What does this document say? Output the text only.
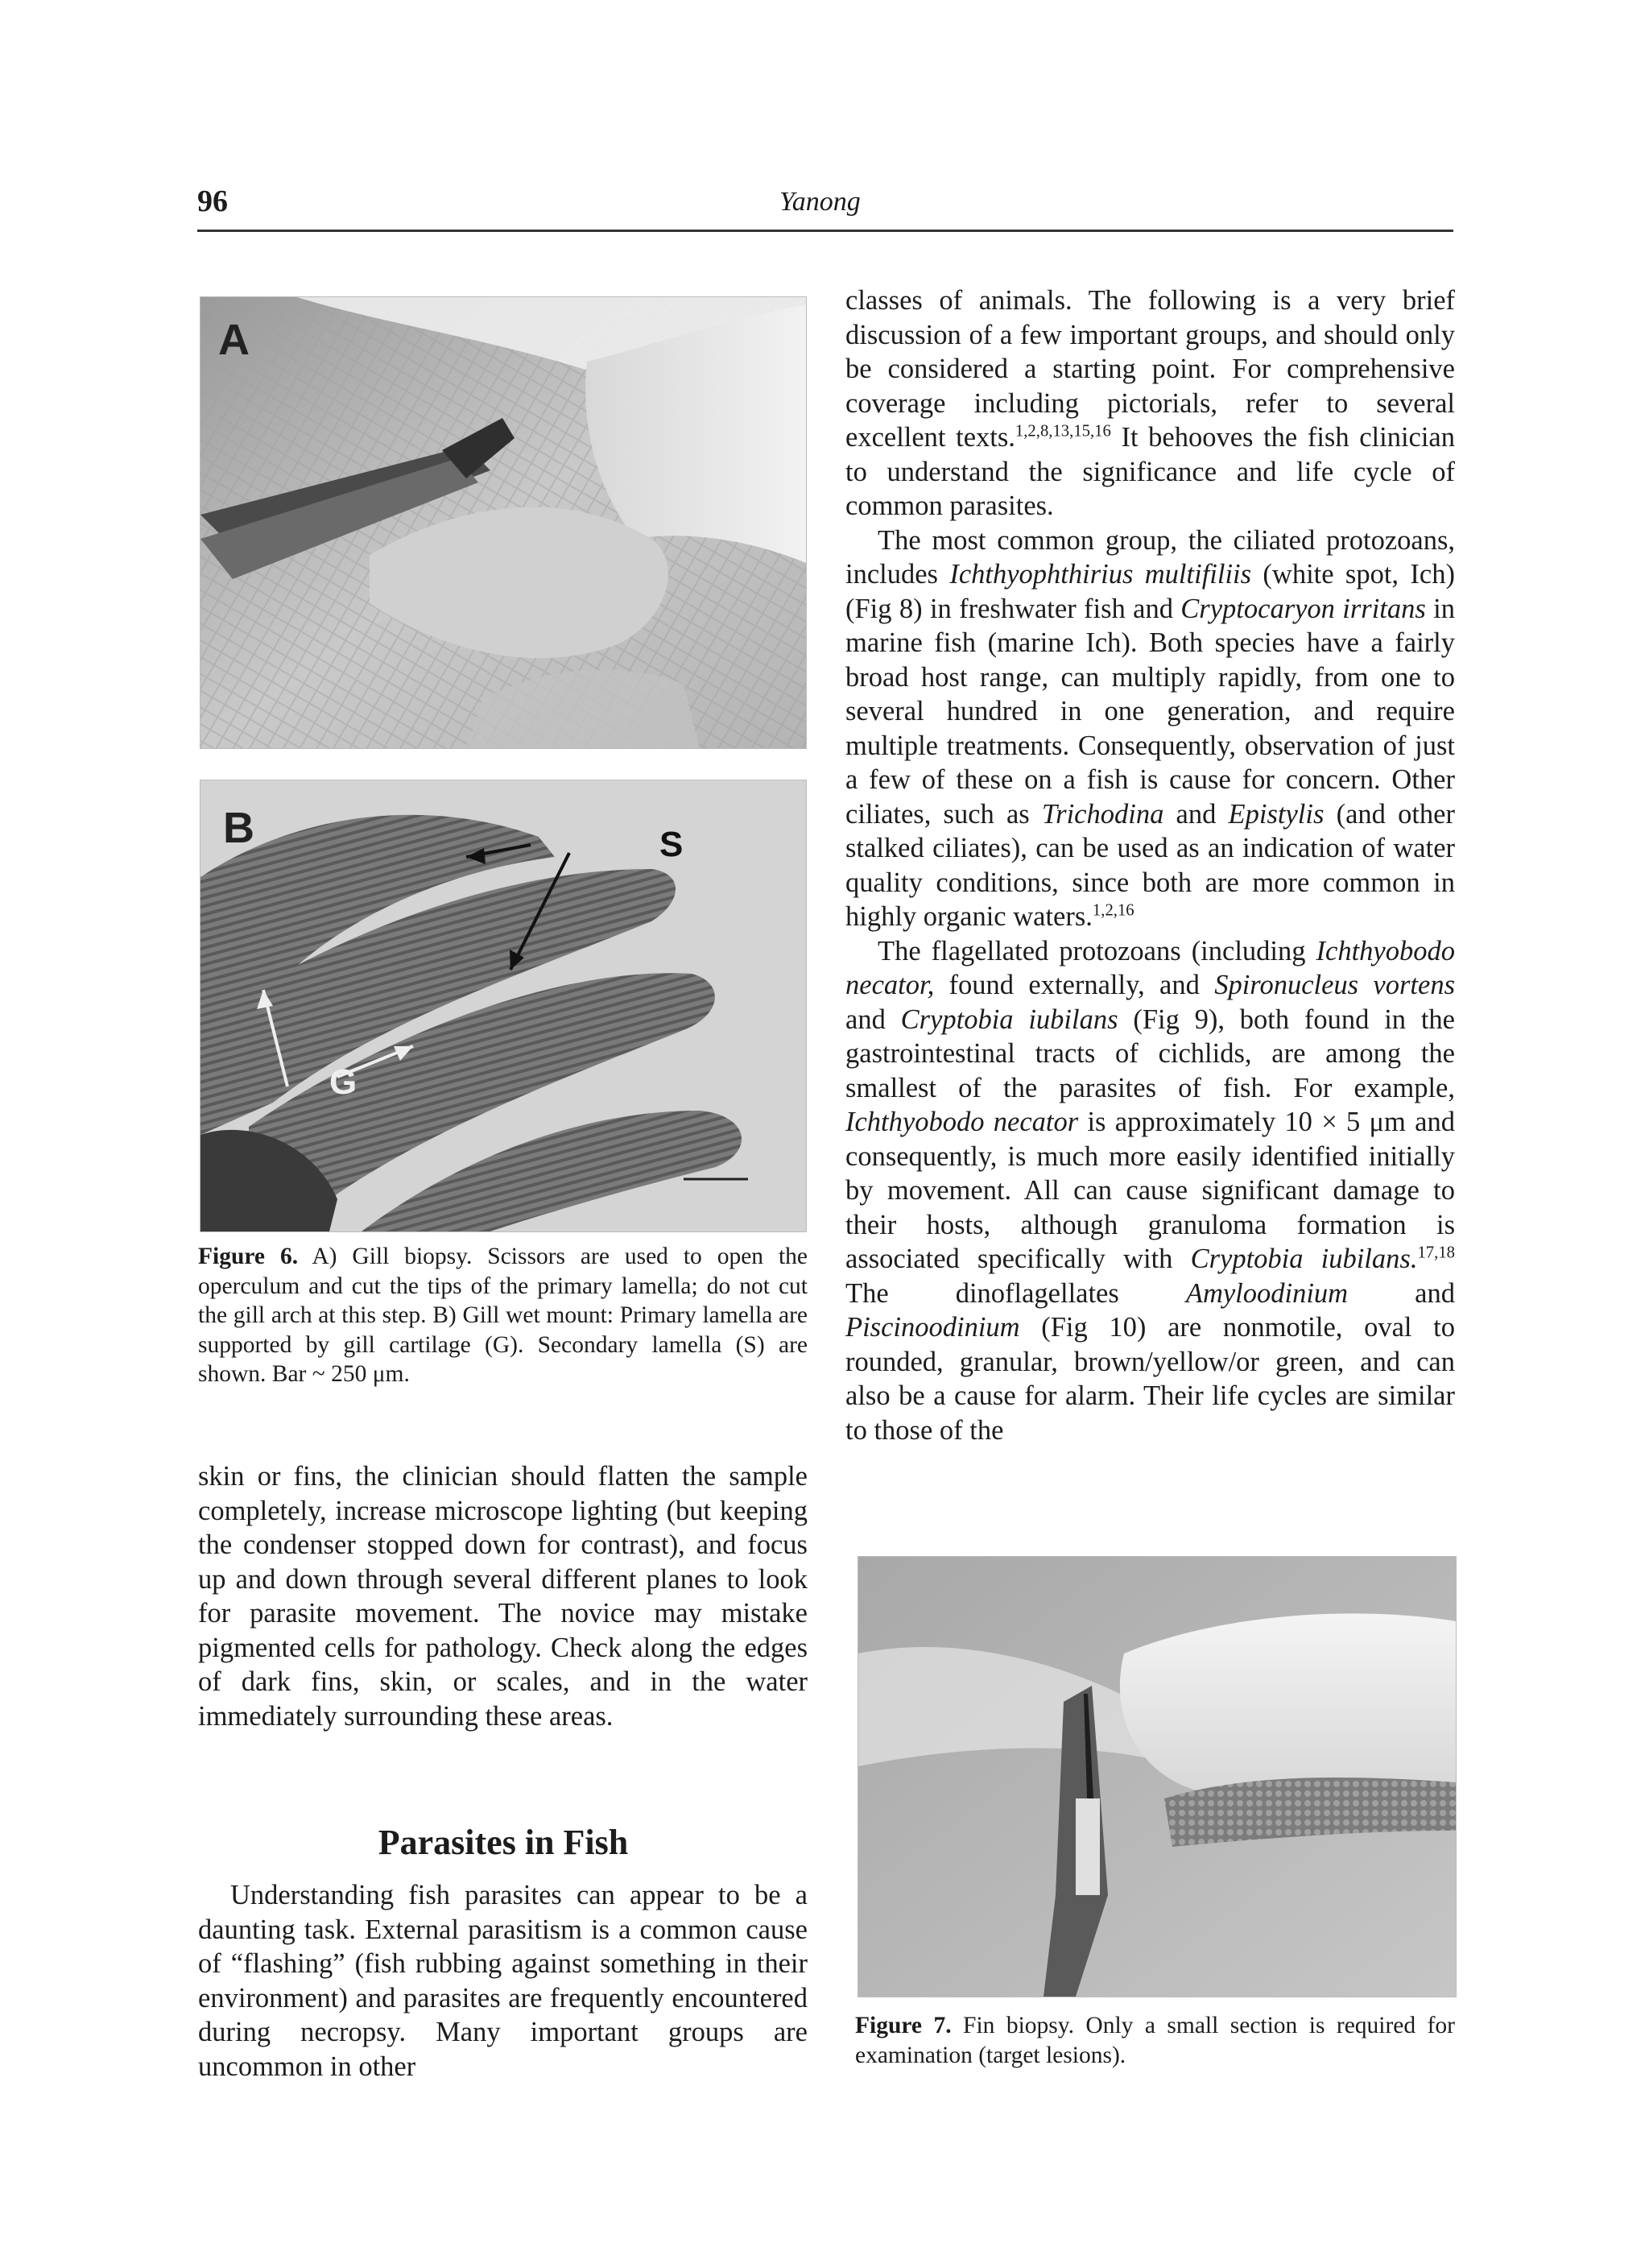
96	Yanong
A
B	S
G
Figure 6. A) Gill biopsy. Scissors are used to open the operculum and cut the tips of the primary lamella; do not cut the gill arch at this step. B) Gill wet mount: Primary lamella are supported by gill cartilage (G). Secondary lamella (S) are shown. Bar ~ 250 μm.

skin or fins, the clinician should flatten the sample completely, increase microscope lighting (but keeping the condenser stopped down for contrast), and focus up and down through several different planes to look for parasite movement. The novice may mistake pigmented cells for pathology. Check along the edges of dark fins, skin, or scales, and in the water immediately surrounding these areas.

Parasites in Fish

Understanding fish parasites can appear to be a daunting task. External parasitism is a common cause of “flashing” (fish rubbing against something in their environment) and parasites are frequently encountered during necropsy. Many important groups are uncommon in other

classes of animals. The following is a very brief discussion of a few important groups, and should only be considered a starting point. For comprehensive coverage including pictorials, refer to several excellent texts.$^{1,2,8,13,15,16}$ It behooves the fish clinician to understand the significance and life cycle of common parasites.

The most common group, the ciliated protozoans, includes Ichthyophthirius multifiliis (white spot, Ich) (Fig 8) in freshwater fish and Cryptocaryon irritans in marine fish (marine Ich). Both species have a fairly broad host range, can multiply rapidly, from one to several hundred in one generation, and require multiple treatments. Consequently, observation of just a few of these on a fish is cause for concern. Other ciliates, such as Trichodina and Epistylis (and other stalked ciliates), can be used as an indication of water quality conditions, since both are more common in highly organic waters.$^{1,2,16}$

The flagellated protozoans (including Ichthyobodo necator, found externally, and Spironucleus vortens and Cryptobia iubilans (Fig 9), both found in the gastrointestinal tracts of cichlids, are among the smallest of the parasites of fish. For example, Ichthyobodo necator is approximately 10 × 5 μm and consequently, is much more easily identified initially by movement. All can cause significant damage to their hosts, although granuloma formation is associated specifically with Cryptobia iubilans.$^{17,18}$ The dinoflagellates Amyloodinium and Piscinoodinium (Fig 10) are nonmotile, oval to rounded, granular, brown/yellow/or green, and can also be a cause for alarm. Their life cycles are similar to those of the

Figure 7. Fin biopsy. Only a small section is required for examination (target lesions).
